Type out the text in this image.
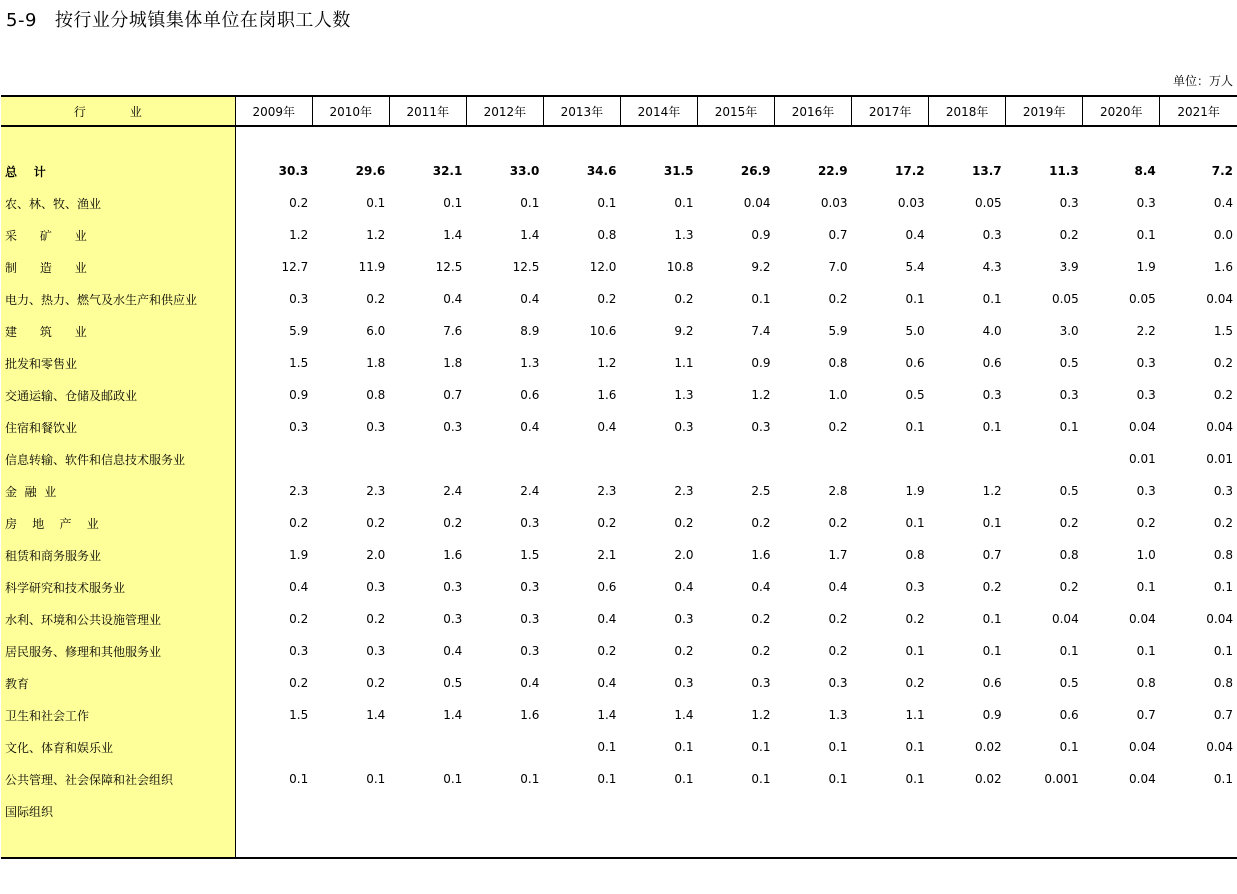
5-9 按行业分城镇集体单位在岗职工人数
单位：万人
行 业	2009年	2010年	2011年	2012年	2013年	2014年	2015年	2016年	2017年	2018年	2019年	2020年	2021年

总    计	30.3	29.6	32.1	33.0	34.6	31.5	26.9	22.9	17.2	13.7	11.3	8.4	7.2
农、林、牧、渔业	0.2	0.1	0.1	0.1	0.1	0.1	0.04	0.03	0.03	0.05	0.3	0.3	0.4
采      矿      业	1.2	1.2	1.4	1.4	0.8	1.3	0.9	0.7	0.4	0.3	0.2	0.1	0.0
制      造      业	12.7	11.9	12.5	12.5	12.0	10.8	9.2	7.0	5.4	4.3	3.9	1.9	1.6
电力、热力、燃气及水生产和供应业	0.3	0.2	0.4	0.4	0.2	0.2	0.1	0.2	0.1	0.1	0.05	0.05	0.04
建      筑      业	5.9	6.0	7.6	8.9	10.6	9.2	7.4	5.9	5.0	4.0	3.0	2.2	1.5
批发和零售业	1.5	1.8	1.8	1.3	1.2	1.1	0.9	0.8	0.6	0.6	0.5	0.3	0.2
交通运输、仓储及邮政业	0.9	0.8	0.7	0.6	1.6	1.3	1.2	1.0	0.5	0.3	0.3	0.3	0.2
住宿和餐饮业	0.3	0.3	0.3	0.4	0.4	0.3	0.3	0.2	0.1	0.1	0.1	0.04	0.04
信息转输、软件和信息技术服务业												0.01	0.01
金  融  业	2.3	2.3	2.4	2.4	2.3	2.3	2.5	2.8	1.9	1.2	0.5	0.3	0.3
房    地    产    业	0.2	0.2	0.2	0.3	0.2	0.2	0.2	0.2	0.1	0.1	0.2	0.2	0.2
租赁和商务服务业	1.9	2.0	1.6	1.5	2.1	2.0	1.6	1.7	0.8	0.7	0.8	1.0	0.8
科学研究和技术服务业	0.4	0.3	0.3	0.3	0.6	0.4	0.4	0.4	0.3	0.2	0.2	0.1	0.1
水利、环境和公共设施管理业	0.2	0.2	0.3	0.3	0.4	0.3	0.2	0.2	0.2	0.1	0.04	0.04	0.04
居民服务、修理和其他服务业	0.3	0.3	0.4	0.3	0.2	0.2	0.2	0.2	0.1	0.1	0.1	0.1	0.1
教育	0.2	0.2	0.5	0.4	0.4	0.3	0.3	0.3	0.2	0.6	0.5	0.8	0.8
卫生和社会工作	1.5	1.4	1.4	1.6	1.4	1.4	1.2	1.3	1.1	0.9	0.6	0.7	0.7
文化、体育和娱乐业					0.1	0.1	0.1	0.1	0.1	0.02	0.1	0.04	0.04
公共管理、社会保障和社会组织	0.1	0.1	0.1	0.1	0.1	0.1	0.1	0.1	0.1	0.02	0.001	0.04	0.1
国际组织													
